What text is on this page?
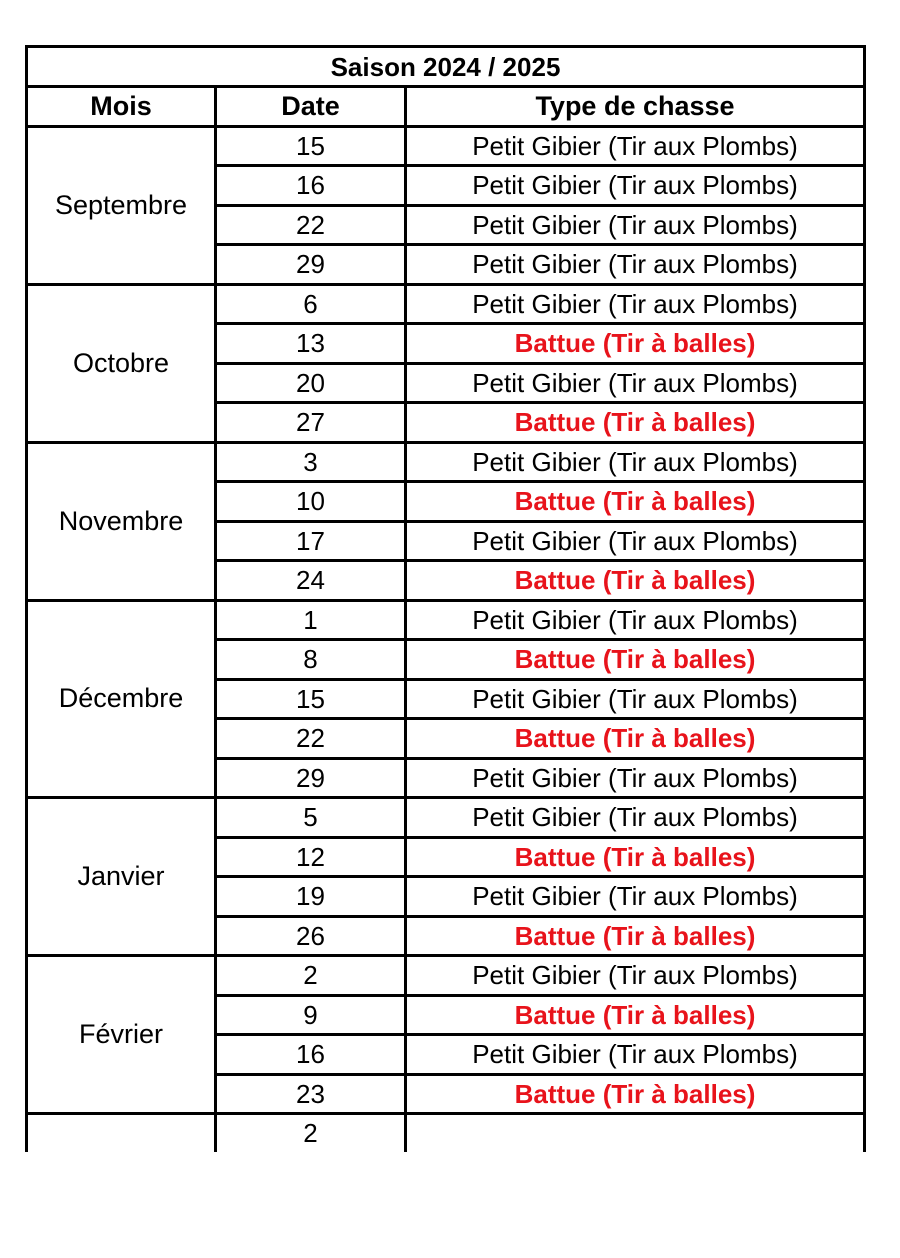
Saison 2024 / 2025		
Mois	Date	Type de chasse
Septembre	15	Petit Gibier (Tir aux Plombs)
	16	Petit Gibier (Tir aux Plombs)
	22	Petit Gibier (Tir aux Plombs)
	29	Petit Gibier (Tir aux Plombs)
Octobre	6	Petit Gibier (Tir aux Plombs)
	13	Battue (Tir à balles)
	20	Petit Gibier (Tir aux Plombs)
	27	Battue (Tir à balles)
Novembre	3	Petit Gibier (Tir aux Plombs)
	10	Battue (Tir à balles)
	17	Petit Gibier (Tir aux Plombs)
	24	Battue (Tir à balles)
Décembre	1	Petit Gibier (Tir aux Plombs)
	8	Battue (Tir à balles)
	15	Petit Gibier (Tir aux Plombs)
	22	Battue (Tir à balles)
	29	Petit Gibier (Tir aux Plombs)
Janvier	5	Petit Gibier (Tir aux Plombs)
	12	Battue (Tir à balles)
	19	Petit Gibier (Tir aux Plombs)
	26	Battue (Tir à balles)
Février	2	Petit Gibier (Tir aux Plombs)
	9	Battue (Tir à balles)
	16	Petit Gibier (Tir aux Plombs)
	23	Battue (Tir à balles)
	2	
